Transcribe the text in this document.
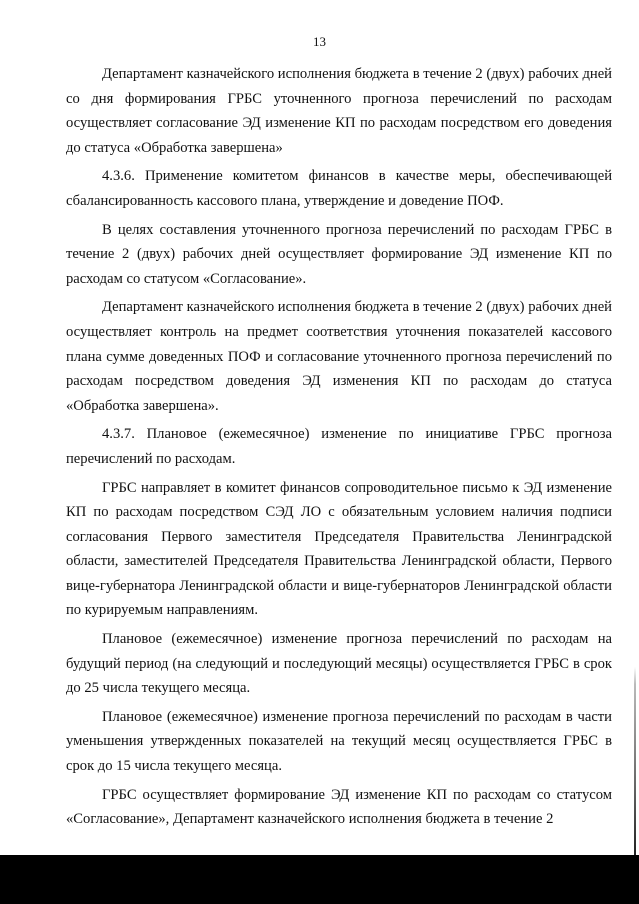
13

Департамент казначейского исполнения бюджета в течение 2 (двух) рабочих дней со дня формирования ГРБС уточненного прогноза перечислений по расходам осуществляет согласование ЭД изменение КП по расходам посредством его доведения до статуса «Обработка завершена»

4.3.6. Применение комитетом финансов в качестве меры, обеспечивающей сбалансированность кассового плана, утверждение и доведение ПОФ.

В целях составления уточненного прогноза перечислений по расходам ГРБС в течение 2 (двух) рабочих дней осуществляет формирование ЭД изменение КП по расходам со статусом «Согласование».

Департамент казначейского исполнения бюджета в течение 2 (двух) рабочих дней осуществляет контроль на предмет соответствия уточнения показателей кассового плана сумме доведенных ПОФ и согласование уточненного прогноза перечислений по расходам посредством доведения ЭД изменения КП по расходам до статуса «Обработка завершена».

4.3.7. Плановое (ежемесячное) изменение по инициативе ГРБС прогноза перечислений по расходам.

ГРБС направляет в комитет финансов сопроводительное письмо к ЭД изменение КП по расходам посредством СЭД ЛО с обязательным условием наличия подписи согласования Первого заместителя Председателя Правительства Ленинградской области, заместителей Председателя Правительства Ленинградской области, Первого вице-губернатора Ленинградской области и вице-губернаторов Ленинградской области по курируемым направлениям.

Плановое (ежемесячное) изменение прогноза перечислений по расходам на будущий период (на следующий и последующий месяцы) осуществляется ГРБС в срок до 25 числа текущего месяца.

Плановое (ежемесячное) изменение прогноза перечислений по расходам в части уменьшения утвержденных показателей на текущий месяц осуществляется ГРБС в срок до 15 числа текущего месяца.

ГРБС осуществляет формирование ЭД изменение КП по расходам со статусом «Согласование», Департамент казначейского исполнения бюджета в течение 2
